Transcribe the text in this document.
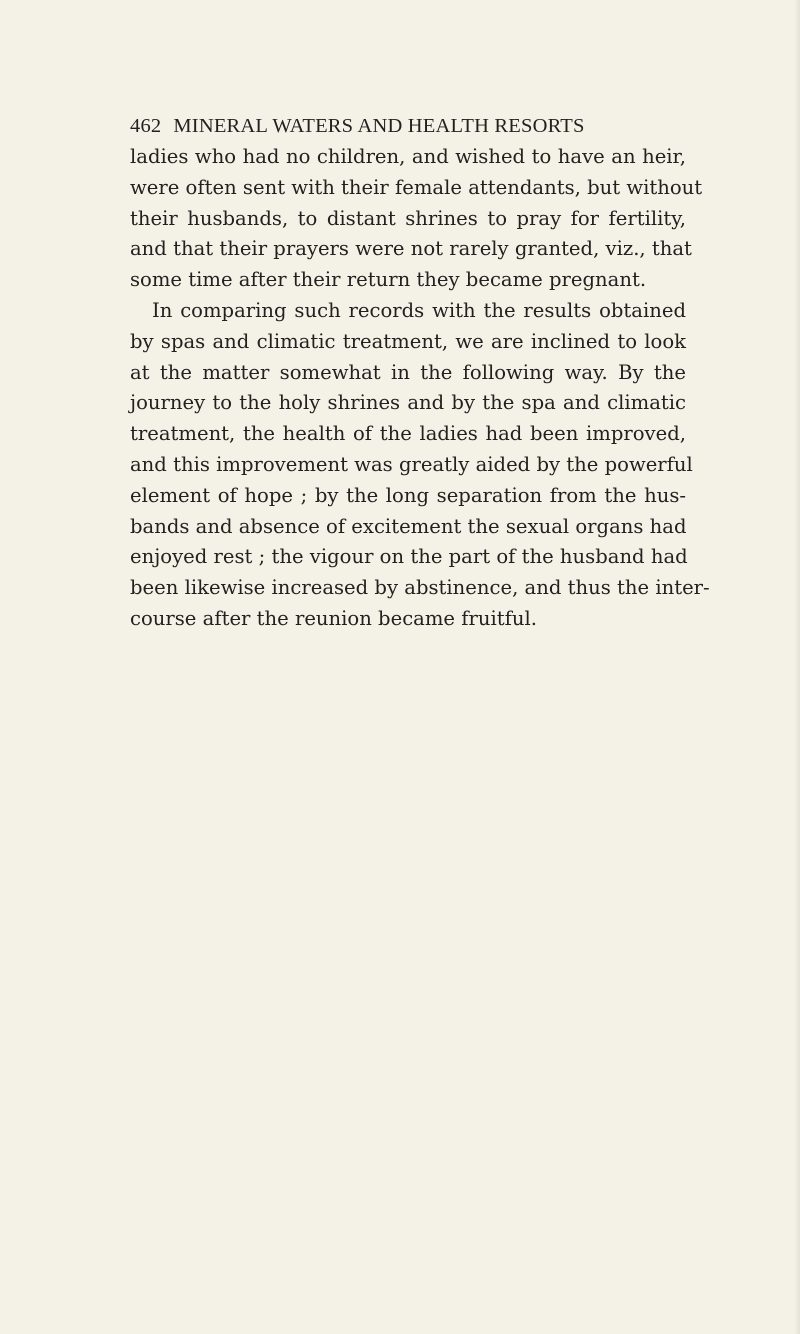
462 MINERAL WATERS AND HEALTH RESORTS
ladies who had no children, and wished to have an heir,
were often sent with their female attendants, but without
their husbands, to distant shrines to pray for fertility,
and that their prayers were not rarely granted, viz., that
some time after their return they became pregnant.
In comparing such records with the results obtained
by spas and climatic treatment, we are inclined to look
at the matter somewhat in the following way. By the
journey to the holy shrines and by the spa and climatic
treatment, the health of the ladies had been improved,
and this improvement was greatly aided by the powerful
element of hope ; by the long separation from the hus-
bands and absence of excitement the sexual organs had
enjoyed rest ; the vigour on the part of the husband had
been likewise increased by abstinence, and thus the inter-
course after the reunion became fruitful.
